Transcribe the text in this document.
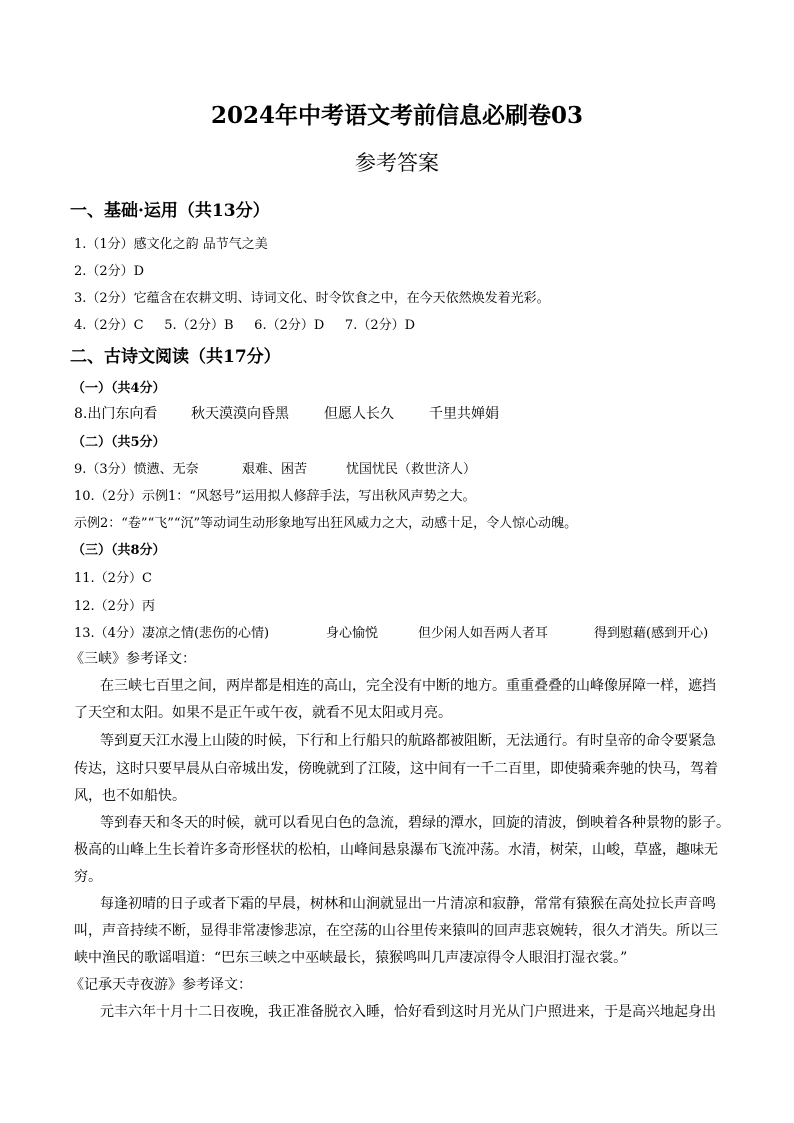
2024年中考语文考前信息必刷卷03
参考答案
一、基础·运用（共13分）
1.（1分）感文化之韵 品节气之美
2.（2分）D
3.（2分）它蕴含在农耕文明、诗词文化、时令饮食之中，在今天依然焕发着光彩。
4.（2分）C     5.（2分）B     6.（2分）D     7.（2分）D
二、古诗文阅读（共17分）
（一）（共4分）
8.出门东向看 秋天漠漠向昏黑	但愿人长久	千里共婵娟
（二）（共5分）
9.（3分）愤懑、无奈	艰难、困苦	忧国忧民（救世济人）
10.（2分）示例1：“风怒号”运用拟人修辞手法，写出秋风声势之大。
示例2：“卷”“飞”“沉”等动词生动形象地写出狂风威力之大，动感十足，令人惊心动魄。
（三）（共8分）
11.（2分）C
12.（2分）丙
13.（4分）凄凉之情(悲伤的心情)	身心愉悦	但少闲人如吾两人者耳	得到慰藉(感到开心)
《三峡》参考译文：
在三峡七百里之间，两岸都是相连的高山，完全没有中断的地方。重重叠叠的山峰像屏障一样，遮挡
了天空和太阳。如果不是正午或午夜，就看不见太阳或月亮。
等到夏天江水漫上山陵的时候，下行和上行船只的航路都被阻断，无法通行。有时皇帝的命令要紧急
传达，这时只要早晨从白帝城出发，傍晚就到了江陵，这中间有一千二百里，即使骑乘奔驰的快马，驾着
风，也不如船快。
等到春天和冬天的时候，就可以看见白色的急流，碧绿的潭水，回旋的清波，倒映着各种景物的影子。
极高的山峰上生长着许多奇形怪状的松柏，山峰间悬泉瀑布飞流冲荡。水清，树荣，山峻，草盛，趣味无
穷。
每逢初晴的日子或者下霜的早晨，树林和山涧就显出一片清凉和寂静，常常有猿猴在高处拉长声音鸣
叫，声音持续不断，显得非常凄惨悲凉，在空荡的山谷里传来猿叫的回声悲哀婉转，很久才消失。所以三
峡中渔民的歌谣唱道：“巴东三峡之中巫峡最长，猿猴鸣叫几声凄凉得令人眼泪打湿衣裳。”
《记承天寺夜游》参考译文：
元丰六年十月十二日夜晚，我正准备脱衣入睡，恰好看到这时月光从门户照进来，于是高兴地起身出
